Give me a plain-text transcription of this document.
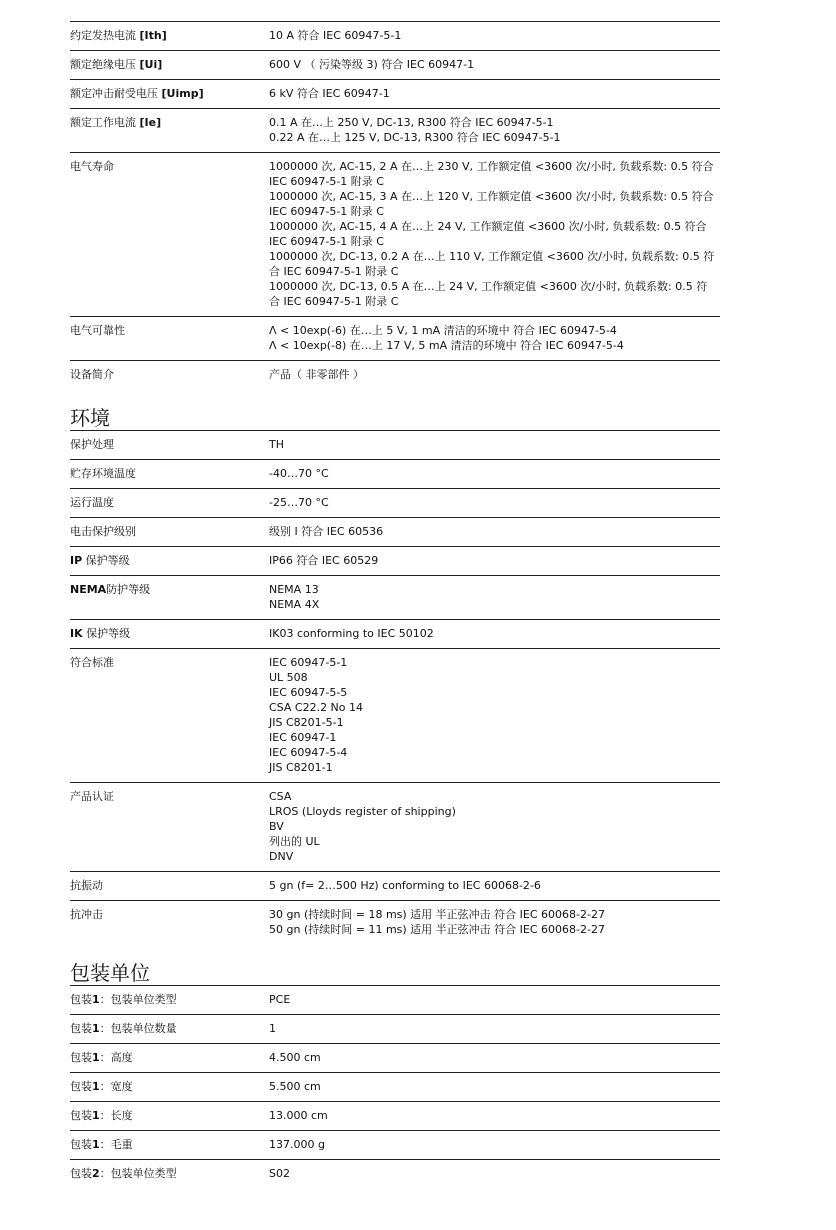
约定发热电流 [Ith]	10 A 符合 IEC 60947-5-1
额定绝缘电压 [Ui]	600 V （ 污染等级 3) 符合 IEC 60947-1
额定冲击耐受电压 [Uimp]	6 kV 符合 IEC 60947-1
额定工作电流 [Ie]	0.1 A 在…上 250 V, DC-13, R300 符合 IEC 60947-5-1
0.22 A 在…上 125 V, DC-13, R300 符合 IEC 60947-5-1
电气寿命	1000000 次, AC-15, 2 A 在…上 230 V, 工作额定值 <3600 次/小时, 负载系数: 0.5 符合
IEC 60947-5-1 附录 C
1000000 次, AC-15, 3 A 在…上 120 V, 工作额定值 <3600 次/小时, 负载系数: 0.5 符合
IEC 60947-5-1 附录 C
1000000 次, AC-15, 4 A 在…上 24 V, 工作额定值 <3600 次/小时, 负载系数: 0.5 符合
IEC 60947-5-1 附录 C
1000000 次, DC-13, 0.2 A 在…上 110 V, 工作额定值 <3600 次/小时, 负载系数: 0.5 符
合 IEC 60947-5-1 附录 C
1000000 次, DC-13, 0.5 A 在…上 24 V, 工作额定值 <3600 次/小时, 负载系数: 0.5 符
合 IEC 60947-5-1 附录 C
电气可靠性	Λ < 10exp(-6) 在…上 5 V, 1 mA 清洁的环境中 符合 IEC 60947-5-4
Λ < 10exp(-8) 在…上 17 V, 5 mA 清洁的环境中 符合 IEC 60947-5-4
设备简介	产品（ 非零部件 ）
环境
保护处理	TH
贮存环境温度	-40…70 °C
运行温度	-25…70 °C
电击保护级别	级别 I 符合 IEC 60536
IP 保护等级	IP66 符合 IEC 60529
NEMA防护等级	NEMA 13
NEMA 4X
IK 保护等级	IK03 conforming to IEC 50102
符合标准	IEC 60947-5-1
UL 508
IEC 60947-5-5
CSA C22.2 No 14
JIS C8201-5-1
IEC 60947-1
IEC 60947-5-4
JIS C8201-1
产品认证	CSA
LROS (Lloyds register of shipping)
BV
列出的 UL
DNV
抗振动	5 gn (f= 2…500 Hz) conforming to IEC 60068-2-6
抗冲击	30 gn (持续时间 = 18 ms) 适用 半正弦冲击 符合 IEC 60068-2-27
50 gn (持续时间 = 11 ms) 适用 半正弦冲击 符合 IEC 60068-2-27
包装单位
包装1：包装单位类型	PCE
包装1：包装单位数量	1
包装1：高度	4.500 cm
包装1：宽度	5.500 cm
包装1：长度	13.000 cm
包装1：毛重	137.000 g
包装2：包装单位类型	S02
